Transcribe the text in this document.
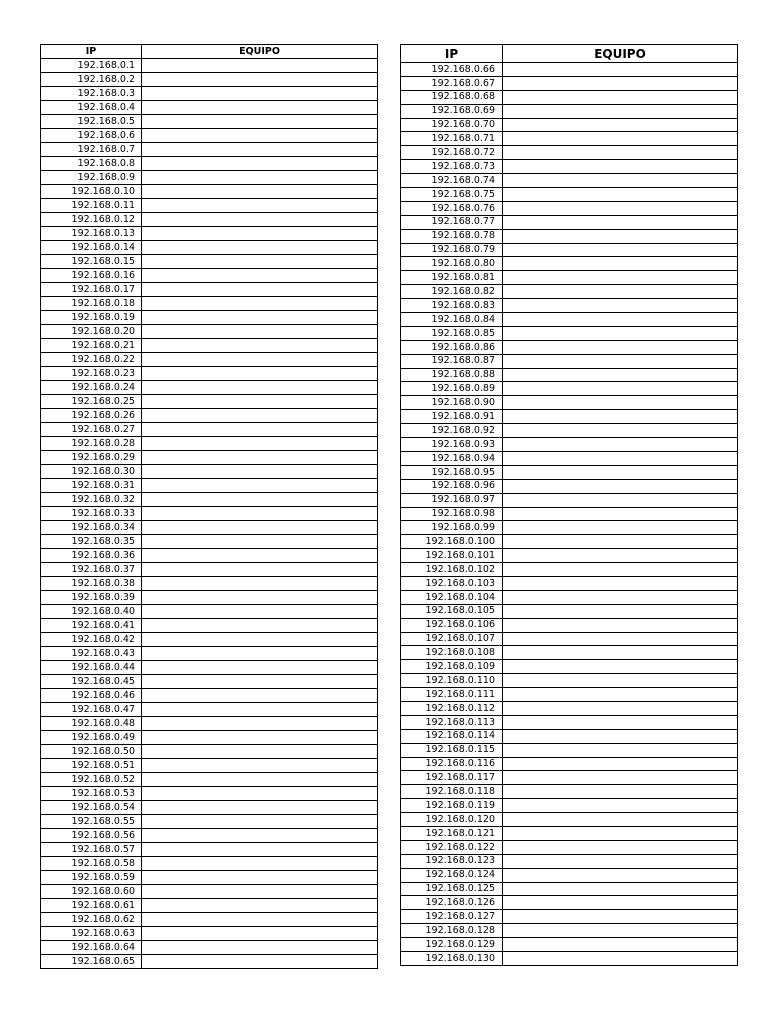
IP	EQUIPO
192.168.0.1	
192.168.0.2	
192.168.0.3	
192.168.0.4	
192.168.0.5	
192.168.0.6	
192.168.0.7	
192.168.0.8	
192.168.0.9	
192.168.0.10	
192.168.0.11	
192.168.0.12	
192.168.0.13	
192.168.0.14	
192.168.0.15	
192.168.0.16	
192.168.0.17	
192.168.0.18	
192.168.0.19	
192.168.0.20	
192.168.0.21	
192.168.0.22	
192.168.0.23	
192.168.0.24	
192.168.0.25	
192.168.0.26	
192.168.0.27	
192.168.0.28	
192.168.0.29	
192.168.0.30	
192.168.0.31	
192.168.0.32	
192.168.0.33	
192.168.0.34	
192.168.0.35	
192.168.0.36	
192.168.0.37	
192.168.0.38	
192.168.0.39	
192.168.0.40	
192.168.0.41	
192.168.0.42	
192.168.0.43	
192.168.0.44	
192.168.0.45	
192.168.0.46	
192.168.0.47	
192.168.0.48	
192.168.0.49	
192.168.0.50	
192.168.0.51	
192.168.0.52	
192.168.0.53	
192.168.0.54	
192.168.0.55	
192.168.0.56	
192.168.0.57	
192.168.0.58	
192.168.0.59	
192.168.0.60	
192.168.0.61	
192.168.0.62	
192.168.0.63	
192.168.0.64	
192.168.0.65	
IP	EQUIPO
192.168.0.66	
192.168.0.67	
192.168.0.68	
192.168.0.69	
192.168.0.70	
192.168.0.71	
192.168.0.72	
192.168.0.73	
192.168.0.74	
192.168.0.75	
192.168.0.76	
192.168.0.77	
192.168.0.78	
192.168.0.79	
192.168.0.80	
192.168.0.81	
192.168.0.82	
192.168.0.83	
192.168.0.84	
192.168.0.85	
192.168.0.86	
192.168.0.87	
192.168.0.88	
192.168.0.89	
192.168.0.90	
192.168.0.91	
192.168.0.92	
192.168.0.93	
192.168.0.94	
192.168.0.95	
192.168.0.96	
192.168.0.97	
192.168.0.98	
192.168.0.99	
192.168.0.100	
192.168.0.101	
192.168.0.102	
192.168.0.103	
192.168.0.104	
192.168.0.105	
192.168.0.106	
192.168.0.107	
192.168.0.108	
192.168.0.109	
192.168.0.110	
192.168.0.111	
192.168.0.112	
192.168.0.113	
192.168.0.114	
192.168.0.115	
192.168.0.116	
192.168.0.117	
192.168.0.118	
192.168.0.119	
192.168.0.120	
192.168.0.121	
192.168.0.122	
192.168.0.123	
192.168.0.124	
192.168.0.125	
192.168.0.126	
192.168.0.127	
192.168.0.128	
192.168.0.129	
192.168.0.130	
